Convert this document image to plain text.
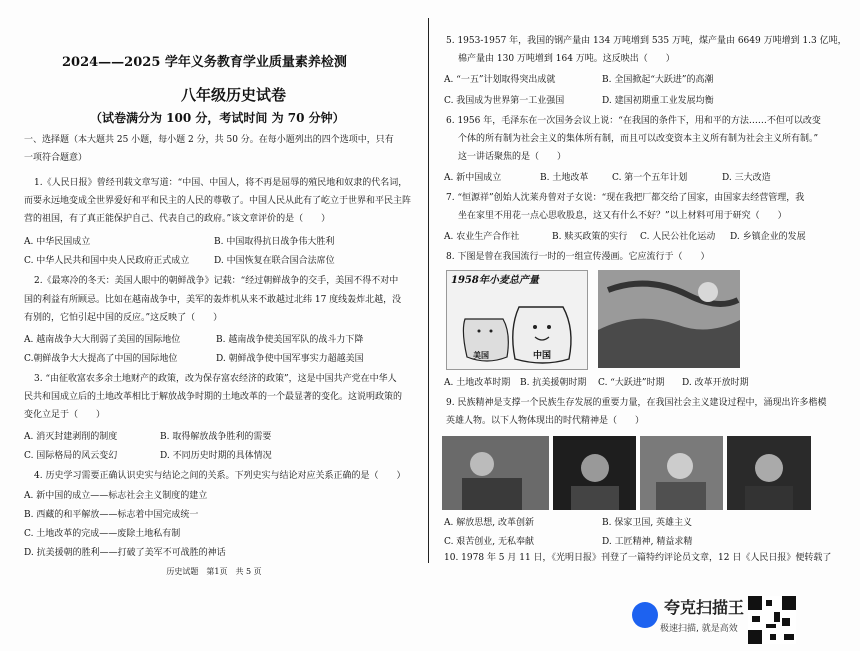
2024——2025 学年义务教育学业质量素养检测
八年级历史试卷
（试卷满分为 100 分，考试时间 为 70 分钟）
一、选择题（本大题共 25 小题，每小题 2 分，共 50 分。在每小题列出的四个选项中，只有
一项符合题意）
1.《人民日报》曾经刊载文章写道：“中国、中国人，将不再是屈辱的殖民地和奴隶的代名词，
而要永远地变成全世界爱好和平和民主的人民的尊敬了。中国人民从此有了屹立于世界和平民主阵
营的祖国，有了真正能保护自己、代表自己的政府。”该文章评价的是（　　）
A. 中华民国成立	B. 中国取得抗日战争伟大胜利
C. 中华人民共和国中央人民政府正式成立	D. 中国恢复在联合国合法席位
2.《最寒冷的冬天：美国人眼中的朝鲜战争》记载：“经过朝鲜战争的交手，美国不得不对中
国的利益有所顾忌。比如在越南战争中，美军的轰炸机从来不敢越过北纬 17 度线轰炸北越，没
有别的，它怕引起中国的反应。”这反映了（　　）
A. 越南战争大大削弱了美国的国际地位	B. 越南战争使美国军队的战斗力下降
C.朝鲜战争大大提高了中国的国际地位	D. 朝鲜战争使中国军事实力超越美国
3. “由征收富农多余土地财产的政策，改为保存富农经济的政策”，这是中国共产党在中华人
民共和国成立后的土地改革相比于解放战争时期的土地改革的一个最显著的变化。这说明政策的
变化立足于（　　）
A. 消灭封建剥削的制度	B. 取得解放战争胜利的需要
C. 国际格局的风云变幻	D. 不同历史时期的具体情况
4. 历史学习需要正确认识史实与结论之间的关系。下列史实与结论对应关系正确的是（　　）
A. 新中国的成立——标志社会主义制度的建立
B. 西藏的和平解放——标志着中国完成统一
C. 土地改革的完成——废除土地私有制
D. 抗美援朝的胜利——打破了美军不可战胜的神话
5. 1953-1957 年，我国的钢产量由 134 万吨增到 535 万吨，煤产量由 6649 万吨增到 1.3 亿吨，
棉产量由 130 万吨增到 164 万吨。这反映出（　　）
A. “一五”计划取得突出成就	B. 全国掀起“大跃进”的高潮
C. 我国成为世界第一工业强国	D. 建国初期重工业发展均衡
6. 1956 年，毛泽东在一次国务会议上说：“在我国的条件下，用和平的方法……不但可以改变
个体的所有制为社会主义的集体所有制，而且可以改变资本主义所有制为社会主义所有制。”
这一讲话聚焦的是（　　）
A. 新中国成立	B. 土地改革	C. 第一个五年计划	D. 三大改造
7. “恒源祥”创始人沈莱舟曾对子女说：“现在我把厂都交给了国家，由国家去经营管理，我
坐在家里不用花一点心思收股息，这又有什么不好？”以上材料可用于研究（　　）
A. 农业生产合作社	B. 赎买政策的实行 C. 人民公社化运动 D. 乡镇企业的发展
8. 下图是曾在我国流行一时的一组宣传漫画。它应流行于（　　）
1958年小麦总产量
美国	中国
A. 土地改革时期 B. 抗美援朝时期 C. “大跃进”时期 D. 改革开放时期
9. 民族精神是支撑一个民族生存发展的重要力量，在我国社会主义建设过程中，涌现出许多楷模
英雄人物。以下人物体现出的时代精神是（　　）
A. 解放思想, 改革创新	B. 保家卫国, 英雄主义
C. 艰苦创业, 无私奉献	D. 工匠精神, 精益求精
10. 1978 年 5 月 11 日，《光明日报》刊登了一篇特约评论员文章，12 日《人民日报》便转载了
历史试题　第1页　共 5 页
夸克扫描王
极速扫描, 就是高效
